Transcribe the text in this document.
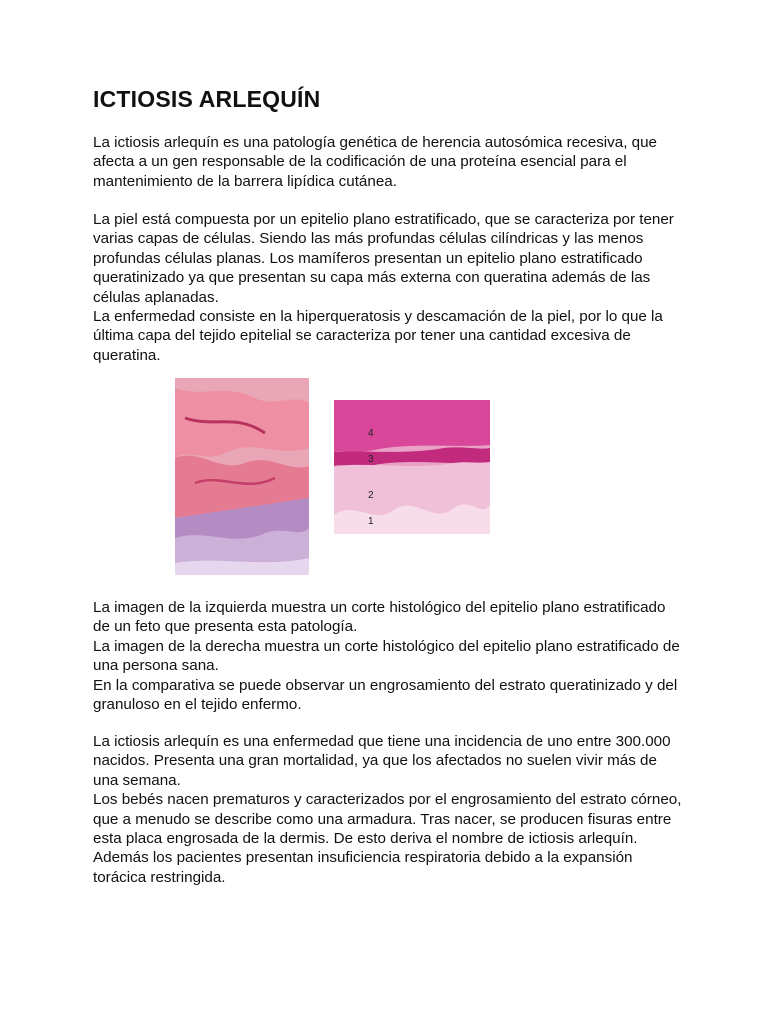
ICTIOSIS ARLEQUÍN

La ictiosis arlequín es una patología genética de herencia autosómica recesiva, que afecta a un gen responsable de la codificación de una proteína esencial para el mantenimiento de la barrera lipídica cutánea.

La piel está compuesta por un epitelio plano estratificado, que se caracteriza por tener varias capas de células. Siendo las más profundas células cilíndricas y las menos profundas células planas. Los mamíferos presentan un epitelio plano estratificado queratinizado ya que presentan su capa más externa con queratina además de las células aplanadas.

La enfermedad consiste en la hiperqueratosis y descamación de la piel, por lo que la última capa del tejido epitelial se caracteriza por tener una cantidad excesiva de queratina.

4
3
2
1

La imagen de la izquierda muestra un corte histológico del epitelio plano estratificado de un feto que presenta esta patología.

La imagen de la derecha muestra un corte histológico del epitelio plano estratificado de una persona sana.

En la comparativa se puede observar un engrosamiento del estrato queratinizado y del granuloso en el tejido enfermo.

La ictiosis arlequín es una enfermedad que tiene una incidencia de uno entre 300.000 nacidos. Presenta una gran mortalidad, ya que los afectados no suelen vivir más de una semana.

Los bebés nacen prematuros y caracterizados por el engrosamiento del estrato córneo, que a menudo se describe como una armadura. Tras nacer, se producen fisuras entre esta placa engrosada de la dermis. De esto deriva el nombre de ictiosis arlequín. Además los pacientes presentan insuficiencia respiratoria debido a la expansión torácica restringida.
